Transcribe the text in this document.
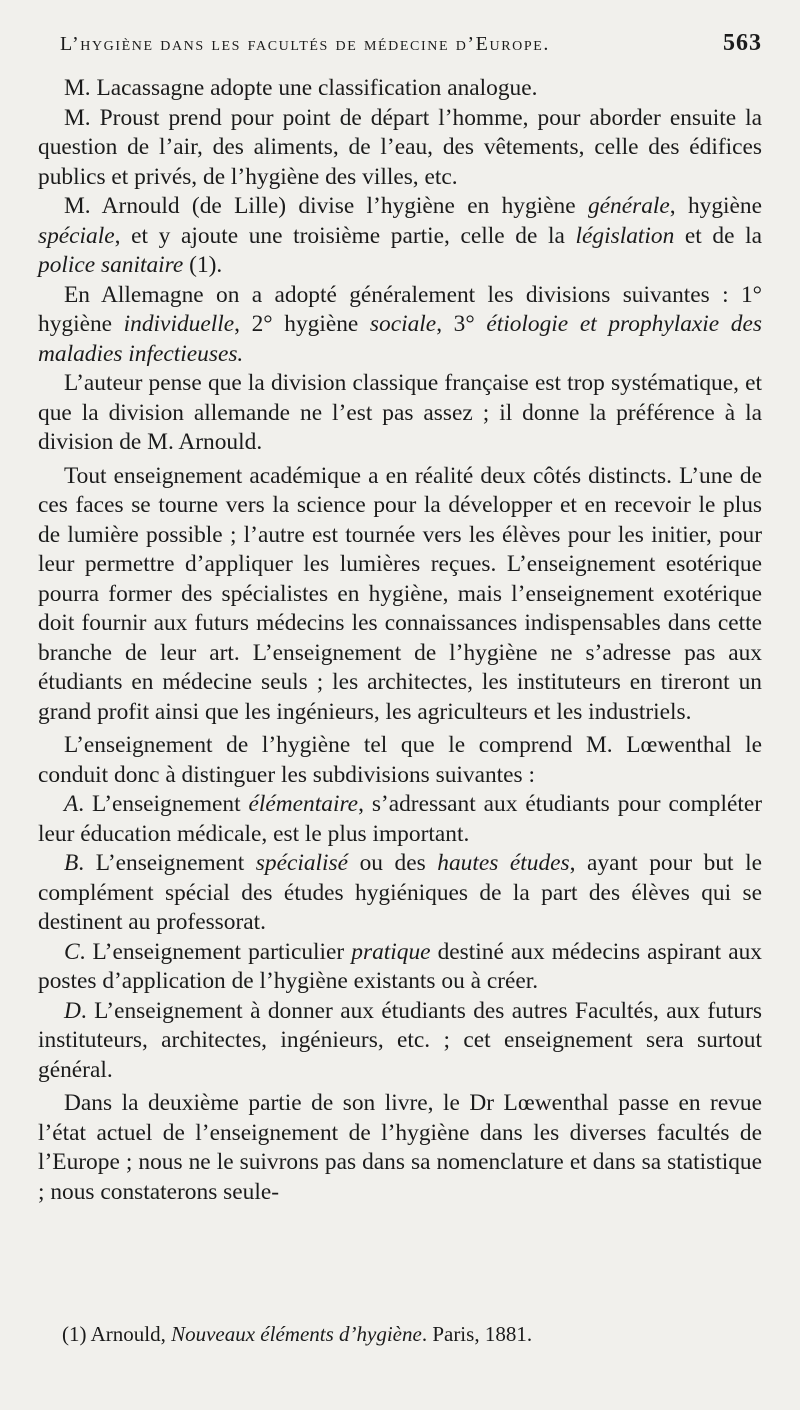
L’hygiène dans les facultés de médecine d’Europe.	563

M. Lacassagne adopte une classification analogue.

M. Proust prend pour point de départ l’homme, pour aborder ensuite la question de l’air, des aliments, de l’eau, des vêtements, celle des édifices publics et privés, de l’hygiène des villes, etc.

M. Arnould (de Lille) divise l’hygiène en hygiène générale, hygiène spéciale, et y ajoute une troisième partie, celle de la législation et de la police sanitaire (1).

En Allemagne on a adopté généralement les divisions suivantes : 1° hygiène individuelle, 2° hygiène sociale, 3° étiologie et prophylaxie des maladies infectieuses.

L’auteur pense que la division classique française est trop systématique, et que la division allemande ne l’est pas assez ; il donne la préférence à la division de M. Arnould.

Tout enseignement académique a en réalité deux côtés distincts. L’une de ces faces se tourne vers la science pour la développer et en recevoir le plus de lumière possible ; l’autre est tournée vers les élèves pour les initier, pour leur permettre d’appliquer les lumières reçues. L’enseignement esotérique pourra former des spécialistes en hygiène, mais l’enseignement exotérique doit fournir aux futurs médecins les connaissances indispensables dans cette branche de leur art. L’enseignement de l’hygiène ne s’adresse pas aux étudiants en médecine seuls ; les architectes, les instituteurs en tireront un grand profit ainsi que les ingénieurs, les agriculteurs et les industriels.

L’enseignement de l’hygiène tel que le comprend M. Lœwenthal le conduit donc à distinguer les subdivisions suivantes :

A. L’enseignement élémentaire, s’adressant aux étudiants pour compléter leur éducation médicale, est le plus important.

B. L’enseignement spécialisé ou des hautes études, ayant pour but le complément spécial des études hygiéniques de la part des élèves qui se destinent au professorat.

C. L’enseignement particulier pratique destiné aux médecins aspirant aux postes d’application de l’hygiène existants ou à créer.

D. L’enseignement à donner aux étudiants des autres Facultés, aux futurs instituteurs, architectes, ingénieurs, etc. ; cet enseignement sera surtout général.

Dans la deuxième partie de son livre, le Dr Lœwenthal passe en revue l’état actuel de l’enseignement de l’hygiène dans les diverses facultés de l’Europe ; nous ne le suivrons pas dans sa nomenclature et dans sa statistique ; nous constaterons seule-

(1) Arnould, Nouveaux éléments d’hygiène. Paris, 1881.
